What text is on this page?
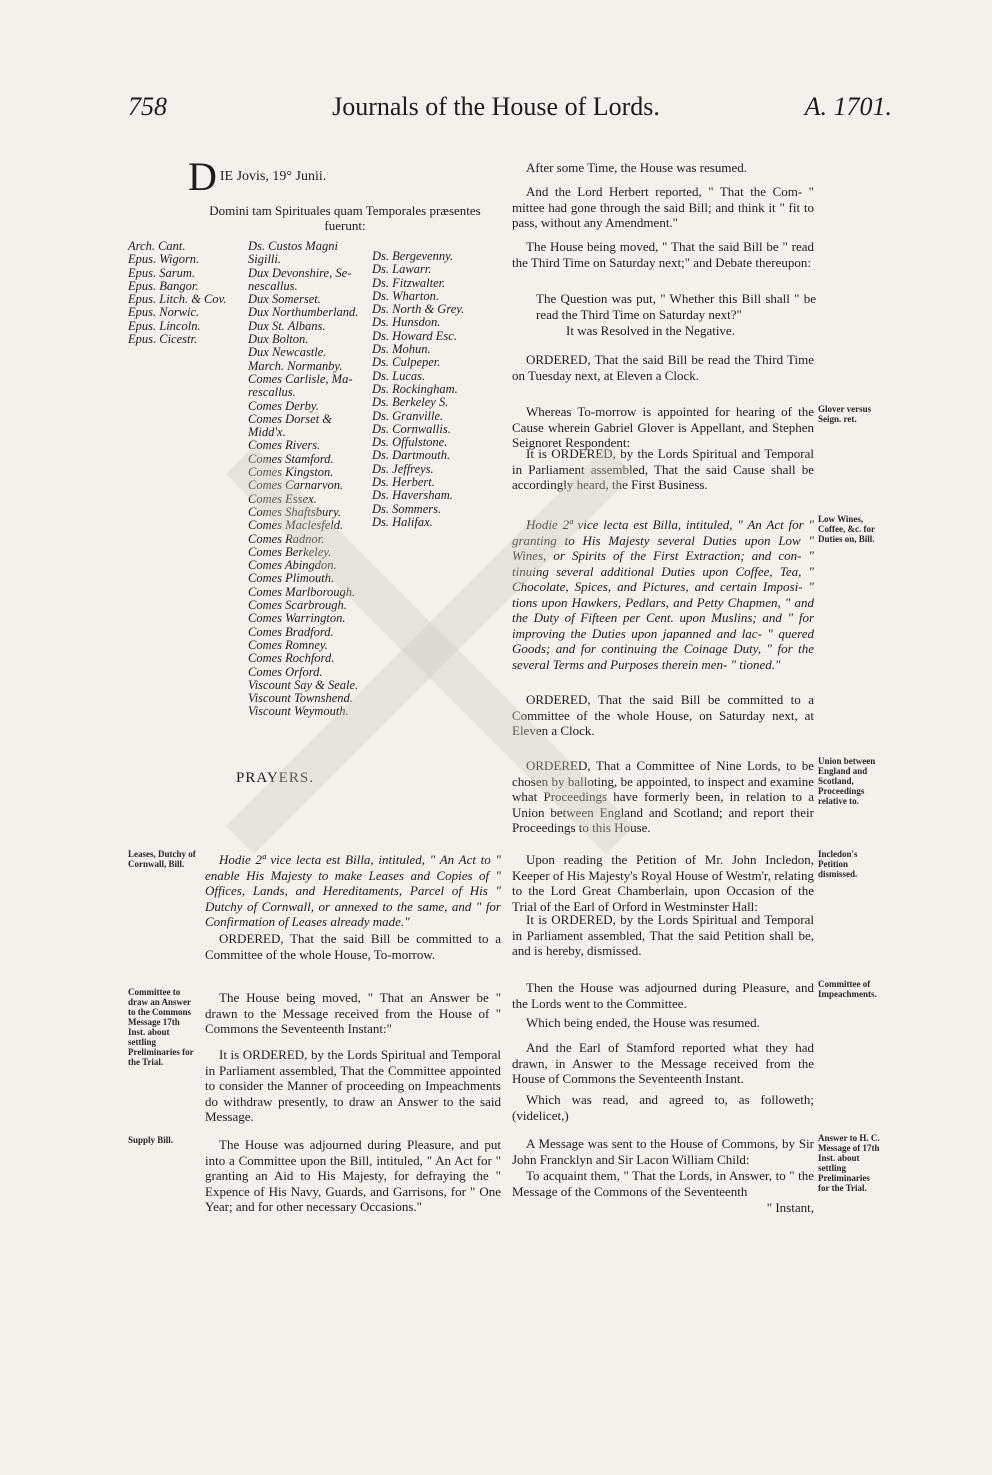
758	Journals of the House of Lords.	A. 1701.
D IE Jovis, 19° Junii.

Domini tam Spirituales quam Temporales præsentes

fuerunt:

Arch. Cant.
Epus. Wigorn.
Epus. Sarum.
Epus. Bangor.
Epus. Litch. & Cov.
Epus. Norwic.
Epus. Lincoln.
Epus. Cicestr.
Ds. Custos Magni
Sigilli.
Dux Devonshire, Se-
nescallus.
Dux Somerset.
Dux Northumberland.
Dux St. Albans.
Dux Bolton.
Dux Newcastle.
March. Normanby.
Comes Carlisle, Ma-
rescallus.
Comes Derby.
Comes Dorset &
Midd'x.
Comes Rivers.
Comes Stamford.
Comes Kingston.
Comes Carnarvon.
Comes Essex.
Comes Shaftsbury.
Comes Maclesfeld.
Comes Radnor.
Comes Berkeley.
Comes Abingdon.
Comes Plimouth.
Comes Marlborough.
Comes Scarbrough.
Comes Warrington.
Comes Bradford.
Comes Romney.
Comes Rochford.
Comes Orford.
Viscount Say & Seale.
Viscount Townshend.
Viscount Weymouth.
Ds. Bergevenny.
Ds. Lawarr.
Ds. Fitzwalter.
Ds. Wharton.
Ds. North & Grey.
Ds. Hunsdon.
Ds. Howard Esc.
Ds. Mohun.
Ds. Culpeper.
Ds. Lucas.
Ds. Rockingham.
Ds. Berkeley S.
Ds. Granville.
Ds. Cornwallis.
Ds. Offulstone.
Ds. Dartmouth.
Ds. Jeffreys.
Ds. Herbert.
Ds. Haversham.
Ds. Sommers.
Ds. Halifax.

PRAYERS.

Leases, Dutchy of Cornwall, Bill.	Hodie 2ª vice lecta est Billa, intituled, " An Act to " enable His Majesty to make Leases and Copies of " Offices, Lands, and Hereditaments, Parcel of His " Dutchy of Cornwall, or annexed to the same, and " for Confirmation of Leases already made."

ORDERED, That the said Bill be committed to a Committee of the whole House, To-morrow.

Committee to draw an Answer to the Commons Message 17th Inst. about settling Preliminaries for the Trial.

The House being moved, " That an Answer be " drawn to the Message received from the House of " Commons the Seventeenth Instant:"

It is ORDERED, by the Lords Spiritual and Temporal in Parliament assembled, That the Committee appointed to consider the Manner of proceeding on Impeachments do withdraw presently, to draw an Answer to the said Message.

Supply Bill.	The House was adjourned during Pleasure, and put into a Committee upon the Bill, intituled, " An Act for " granting an Aid to His Majesty, for defraying the " Expence of His Navy, Guards, and Garrisons, for " One Year; and for other necessary Occasions."

After some Time, the House was resumed.

And the Lord Herbert reported, " That the Com- " mittee had gone through the said Bill; and think it " fit to pass, without any Amendment."

The House being moved, " That the said Bill be " read the Third Time on Saturday next;" and Debate thereupon:

The Question was put, " Whether this Bill shall " be read the Third Time on Saturday next?"

It was Resolved in the Negative.

ORDERED, That the said Bill be read the Third Time on Tuesday next, at Eleven a Clock.

Glover versus Seign. ret.

Whereas To-morrow is appointed for hearing of the Cause wherein Gabriel Glover is Appellant, and Stephen Seignoret Respondent:

It is ORDERED, by the Lords Spiritual and Temporal in Parliament assembled, That the said Cause shall be accordingly heard, the First Business.

Low Wines, Coffee, &c. for Duties on, Bill.

Hodie 2ª vice lecta est Billa, intituled, " An Act for " granting to His Majesty several Duties upon Low " Wines, or Spirits of the First Extraction; and con- " tinuing several additional Duties upon Coffee, Tea, " Chocolate, Spices, and Pictures, and certain Imposi- " tions upon Hawkers, Pedlars, and Petty Chapmen, " and the Duty of Fifteen per Cent. upon Muslins; and " for improving the Duties upon japanned and lac- " quered Goods; and for continuing the Coinage Duty, " for the several Terms and Purposes therein men- " tioned."

ORDERED, That the said Bill be committed to a Committee of the whole House, on Saturday next, at Eleven a Clock.

Union between England and Scotland, Proceedings relative to.

ORDERED, That a Committee of Nine Lords, to be chosen by balloting, be appointed, to inspect and examine what Proceedings have formerly been, in relation to a Union between England and Scotland; and report their Proceedings to this House.

Incledon's Petition dismissed.

Upon reading the Petition of Mr. John Incledon, Keeper of His Majesty's Royal House of Westm'r, relating to the Lord Great Chamberlain, upon Occasion of the Trial of the Earl of Orford in Westminster Hall:

It is ORDERED, by the Lords Spiritual and Temporal in Parliament assembled, That the said Petition shall be, and is hereby, dismissed.

Committee of Impeachments.

Then the House was adjourned during Pleasure, and the Lords went to the Committee.

Which being ended, the House was resumed.

And the Earl of Stamford reported what they had drawn, in Answer to the Message received from the House of Commons the Seventeenth Instant.

Which was read, and agreed to, as followeth; (videlicet,)

Answer to H. C. Message of 17th Inst. about settling Preliminaries for the Trial.

A Message was sent to the House of Commons, by Sir John Francklyn and Sir Lacon William Child:

To acquaint them, " That the Lords, in Answer, to " the Message of the Commons of the Seventeenth

" Instant,
